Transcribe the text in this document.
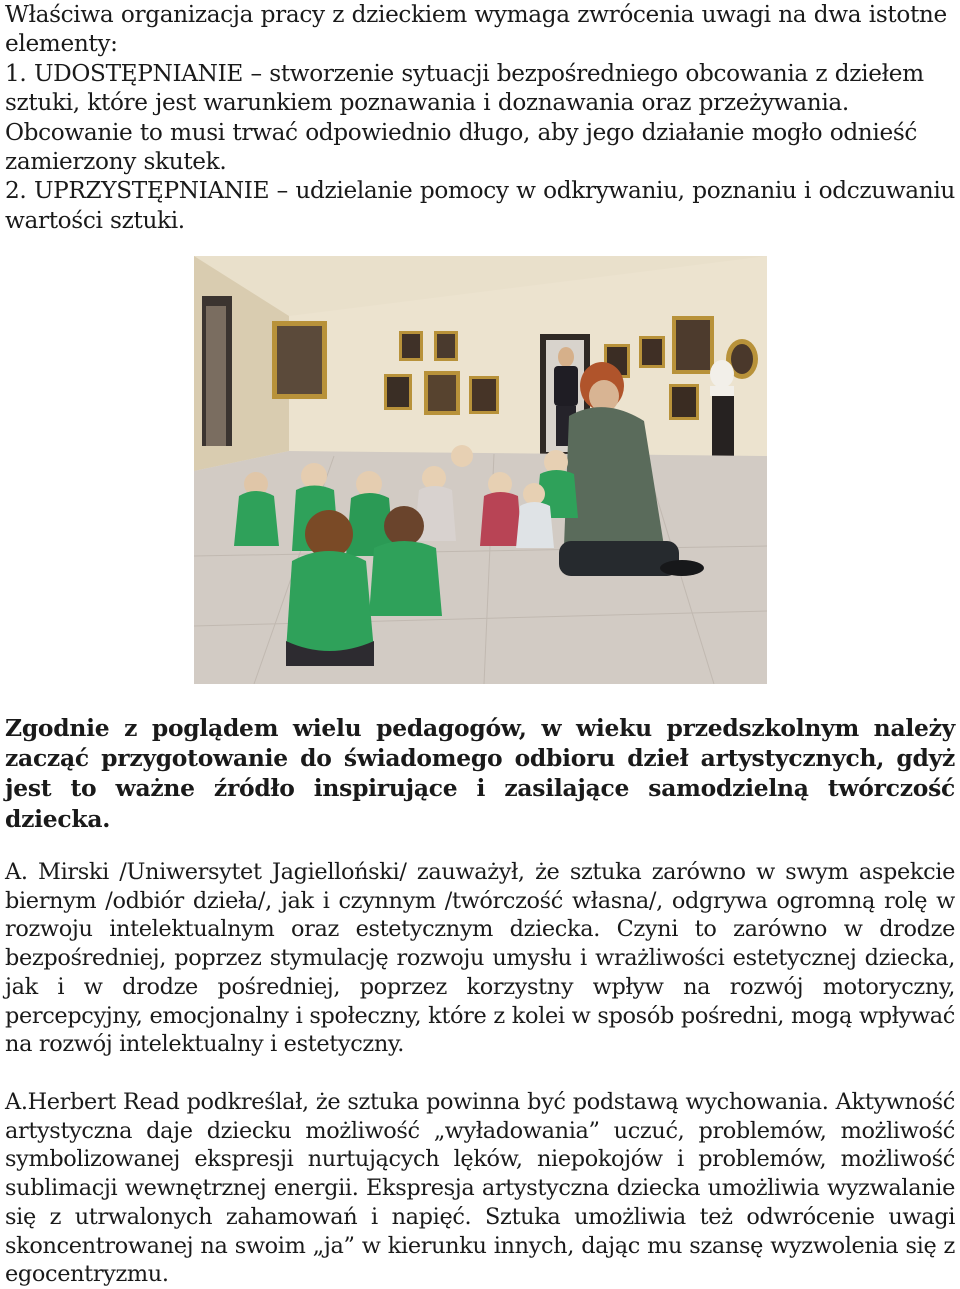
Właściwa organizacja pracy z dzieckiem wymaga zwrócenia uwagi na dwa istotne elementy:

1. UDOSTĘPNIANIE – stworzenie sytuacji bezpośredniego obcowania z dziełem sztuki, które jest warunkiem poznawania i doznawania oraz przeżywania. Obcowanie to musi trwać odpowiednio długo, aby jego działanie mogło odnieść zamierzony skutek.

2. UPRZYSTĘPNIANIE – udzielanie pomocy w odkrywaniu, poznaniu i odczuwaniu wartości sztuki.

Zgodnie z poglądem wielu pedagogów, w wieku przedszkolnym należy zacząć przygotowanie do świadomego odbioru dzieł artystycznych, gdyż jest to ważne źródło inspirujące i zasilające samodzielną twórczość dziecka.

A. Mirski /Uniwersytet Jagielloński/ zauważył, że sztuka zarówno w swym aspekcie biernym /odbiór dzieła/, jak i czynnym /twórczość własna/, odgrywa ogromną rolę w rozwoju intelektualnym oraz estetycznym dziecka. Czyni to zarówno w drodze bezpośredniej, poprzez stymulację rozwoju umysłu i wrażliwości estetycznej dziecka, jak i w drodze pośredniej, poprzez korzystny wpływ na rozwój motoryczny, percepcyjny, emocjonalny i społeczny, które z kolei w sposób pośredni, mogą wpływać na rozwój intelektualny i estetyczny.

A.Herbert Read podkreślał, że sztuka powinna być podstawą wychowania. Aktywność artystyczna daje dziecku możliwość „wyładowania” uczuć, problemów, możliwość symbolizowanej ekspresji nurtujących lęków, niepokojów i problemów, możliwość sublimacji wewnętrznej energii. Ekspresja artystyczna dziecka umożliwia wyzwalanie się z utrwalonych zahamowań i napięć. Sztuka umożliwia też odwrócenie uwagi skoncentrowanej na swoim „ja” w kierunku innych, dając mu szansę wyzwolenia się z egocentryzmu.
